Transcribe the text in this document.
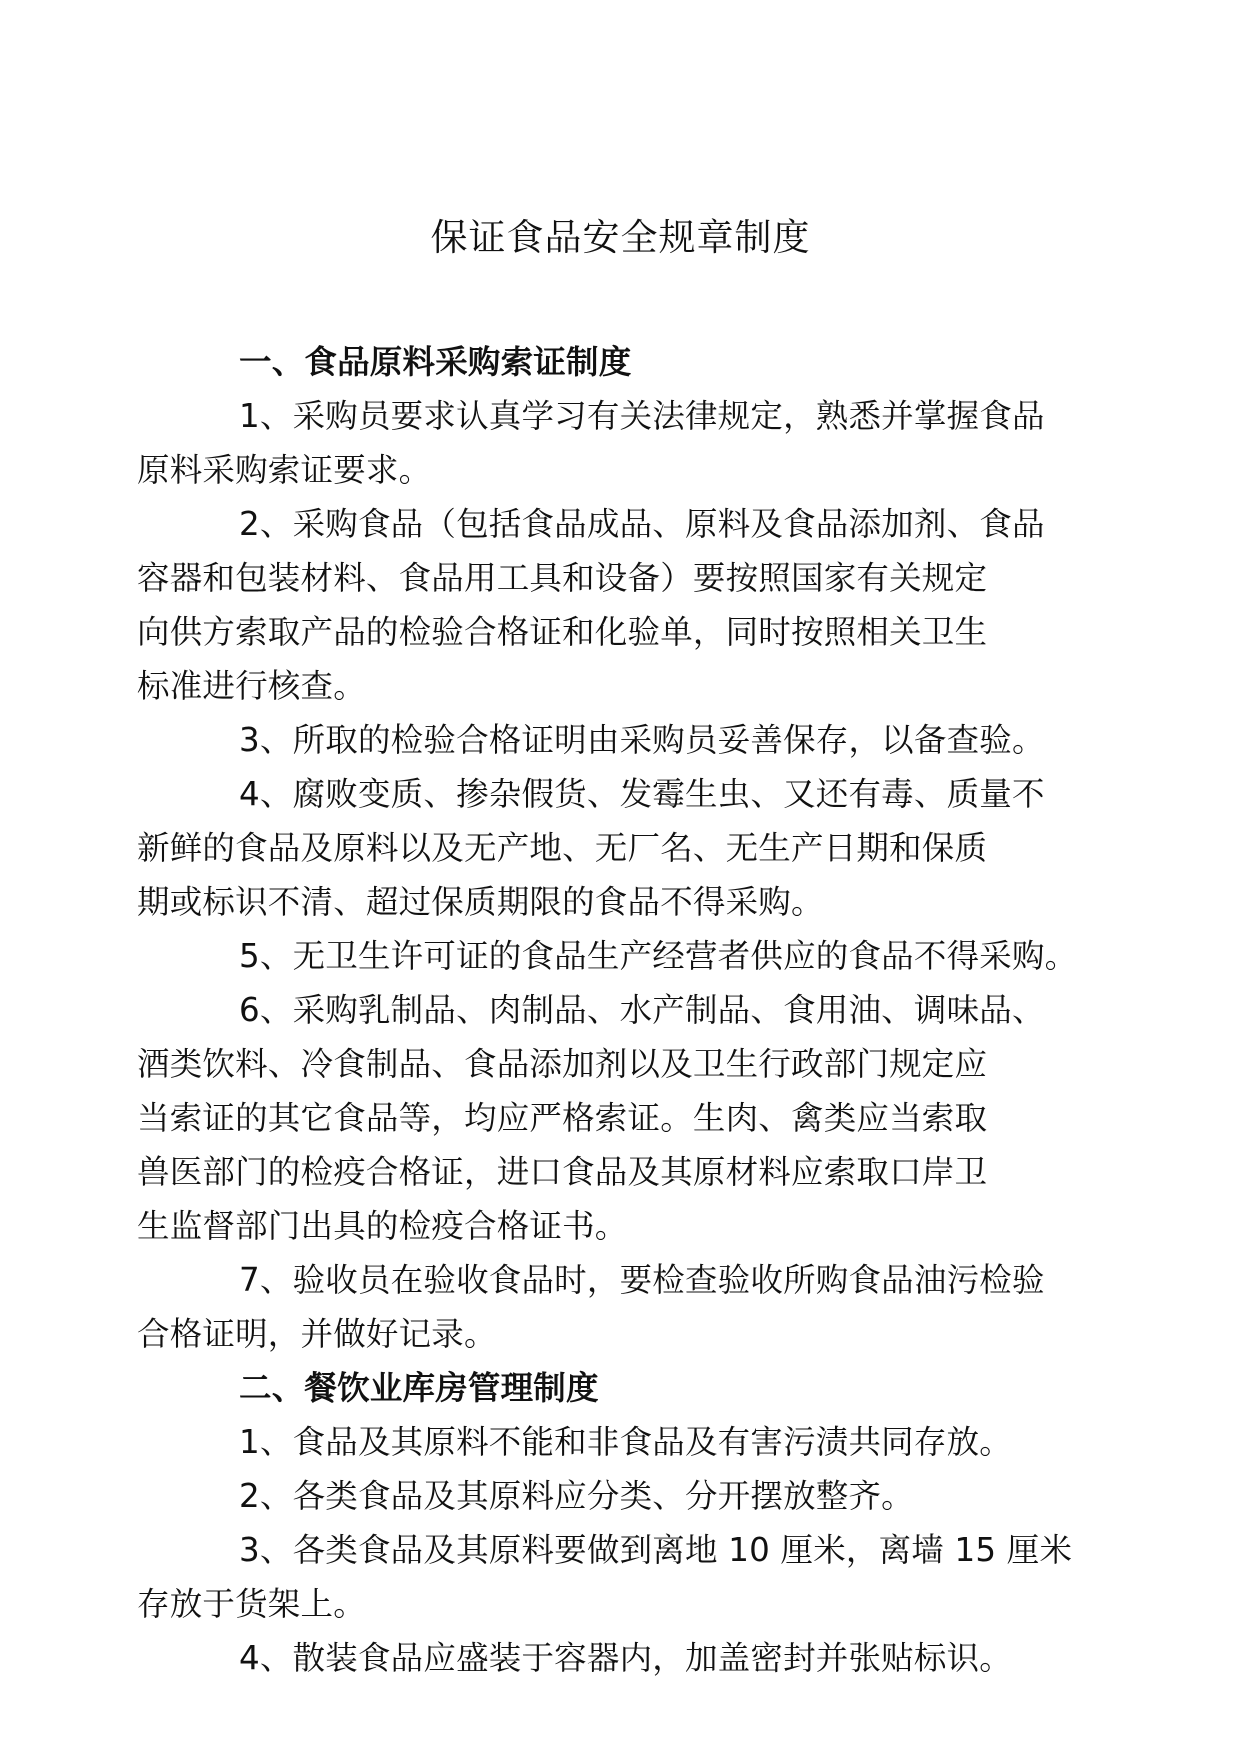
保证食品安全规章制度

一、食品原料采购索证制度

1、采购员要求认真学习有关法律规定，熟悉并掌握食品
原料采购索证要求。

2、采购食品（包括食品成品、原料及食品添加剂、食品
容器和包装材料、食品用工具和设备）要按照国家有关规定
向供方索取产品的检验合格证和化验单，同时按照相关卫生
标准进行核查。

3、所取的检验合格证明由采购员妥善保存，以备查验。

4、腐败变质、掺杂假货、发霉生虫、又还有毒、质量不
新鲜的食品及原料以及无产地、无厂名、无生产日期和保质
期或标识不清、超过保质期限的食品不得采购。

5、无卫生许可证的食品生产经营者供应的食品不得采购。

6、采购乳制品、肉制品、水产制品、食用油、调味品、
酒类饮料、冷食制品、食品添加剂以及卫生行政部门规定应
当索证的其它食品等，均应严格索证。生肉、禽类应当索取
兽医部门的检疫合格证，进口食品及其原材料应索取口岸卫
生监督部门出具的检疫合格证书。

7、验收员在验收食品时，要检查验收所购食品油污检验
合格证明，并做好记录。

二、餐饮业库房管理制度

1、食品及其原料不能和非食品及有害污渍共同存放。

2、各类食品及其原料应分类、分开摆放整齐。

3、各类食品及其原料要做到离地 10 厘米，离墙 15 厘米
存放于货架上。

4、散装食品应盛装于容器内，加盖密封并张贴标识。
